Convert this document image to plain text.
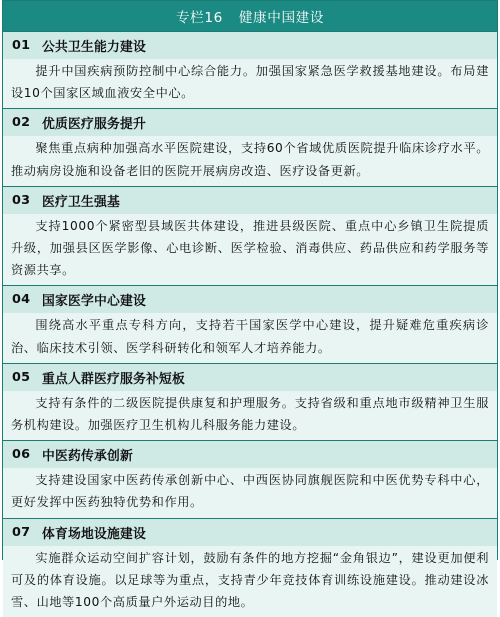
专栏16 健康中国建设
01 公共卫生能力建设
提升中国疾病预防控制中心综合能力。加强国家紧急医学救援基地建设。布局建设10个国家区域血液安全中心。
02 优质医疗服务提升
聚焦重点病种加强高水平医院建设，支持60个省域优质医院提升临床诊疗水平。推动病房设施和设备老旧的医院开展病房改造、医疗设备更新。
03 医疗卫生强基
支持1000个紧密型县域医共体建设，推进县级医院、重点中心乡镇卫生院提质升级，加强县区医学影像、心电诊断、医学检验、消毒供应、药品供应和药学服务等资源共享。
04 国家医学中心建设
围绕高水平重点专科方向，支持若干国家医学中心建设，提升疑难危重疾病诊治、临床技术引领、医学科研转化和领军人才培养能力。
05 重点人群医疗服务补短板
支持有条件的二级医院提供康复和护理服务。支持省级和重点地市级精神卫生服务机构建设。加强医疗卫生机构儿科服务能力建设。
06 中医药传承创新
支持建设国家中医药传承创新中心、中西医协同旗舰医院和中医优势专科中心，更好发挥中医药独特优势和作用。
07 体育场地设施建设
实施群众运动空间扩容计划，鼓励有条件的地方挖掘“金角银边”，建设更加便利可及的体育设施。以足球等为重点，支持青少年竞技体育训练设施建设。推动建设冰雪、山地等100个高质量户外运动目的地。
